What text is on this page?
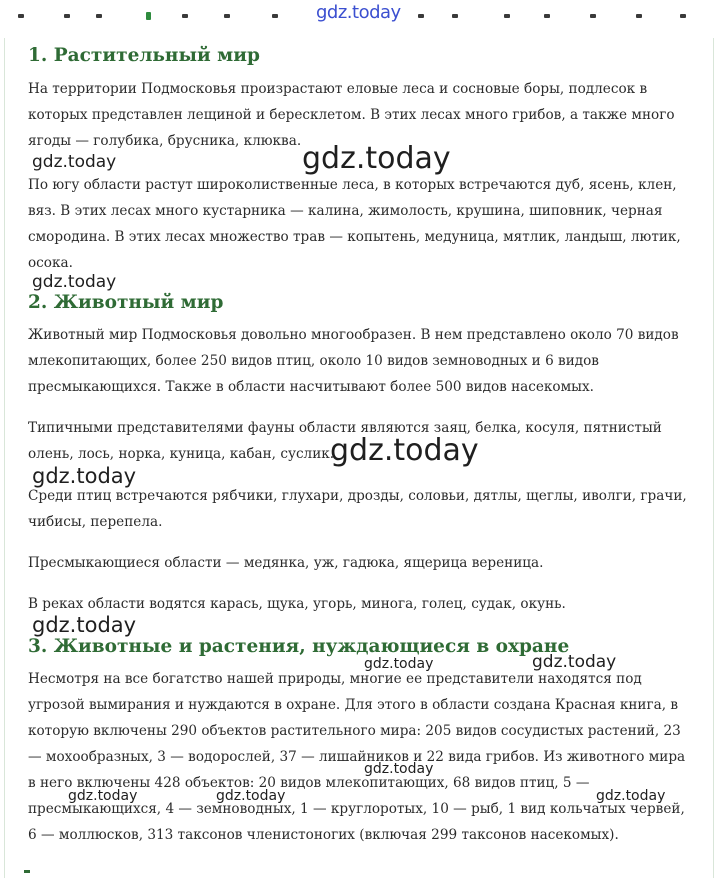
gdz.today
1. Растительный мир

На территории Подмосковья произрастают еловые леса и сосновые боры, подлесок в которых представлен лещиной и бересклетом. В этих лесах много грибов, а также много ягоды — голубика, брусника, клюква.

По югу области растут широколиственные леса, в которых встречаются дуб, ясень, клен, вяз. В этих лесах много кустарника — калина, жимолость, крушина, шиповник, черная смородина. В этих лесах множество трав — копытень, медуница, мятлик, ландыш, лютик, осока.

2. Животный мир

Животный мир Подмосковья довольно многообразен. В нем представлено около 70 видов млекопитающих, более 250 видов птиц, около 10 видов земноводных и 6 видов пресмыкающихся. Также в области насчитывают более 500 видов насекомых.

Типичными представителями фауны области являются заяц, белка, косуля, пятнистый олень, лось, норка, куница, кабан, суслик.

Среди птиц встречаются рябчики, глухари, дрозды, соловьи, дятлы, щеглы, иволги, грачи, чибисы, перепела.

Пресмыкающиеся области — медянка, уж, гадюка, ящерица вереница.

В реках области водятся карась, щука, угорь, минога, голец, судак, окунь.

3. Животные и растения, нуждающиеся в охране

Несмотря на все богатство нашей природы, многие ее представители находятся под угрозой вымирания и нуждаются в охране. Для этого в области создана Красная книга, в которую включены 290 объектов растительного мира: 205 видов сосудистых растений, 23 — мохообразных, 3 — водорослей, 37 — лишайников и 22 вида грибов. Из животного мира в него включены 428 объектов: 20 видов млекопитающих, 68 видов птиц, 5 — пресмыкающихся, 4 — земноводных, 1 — круглоротых, 10 — рыб, 1 вид кольчатых червей, 6 — моллюсков, 313 таксонов членистоногих (включая 299 таксонов насекомых).

gdz.today	gdz.today
gdz.today
gdz.today
gdz.today
gdz.today
gdz.today	gdz.today
gdz.today
gdz.today	gdz.today	gdz.today
